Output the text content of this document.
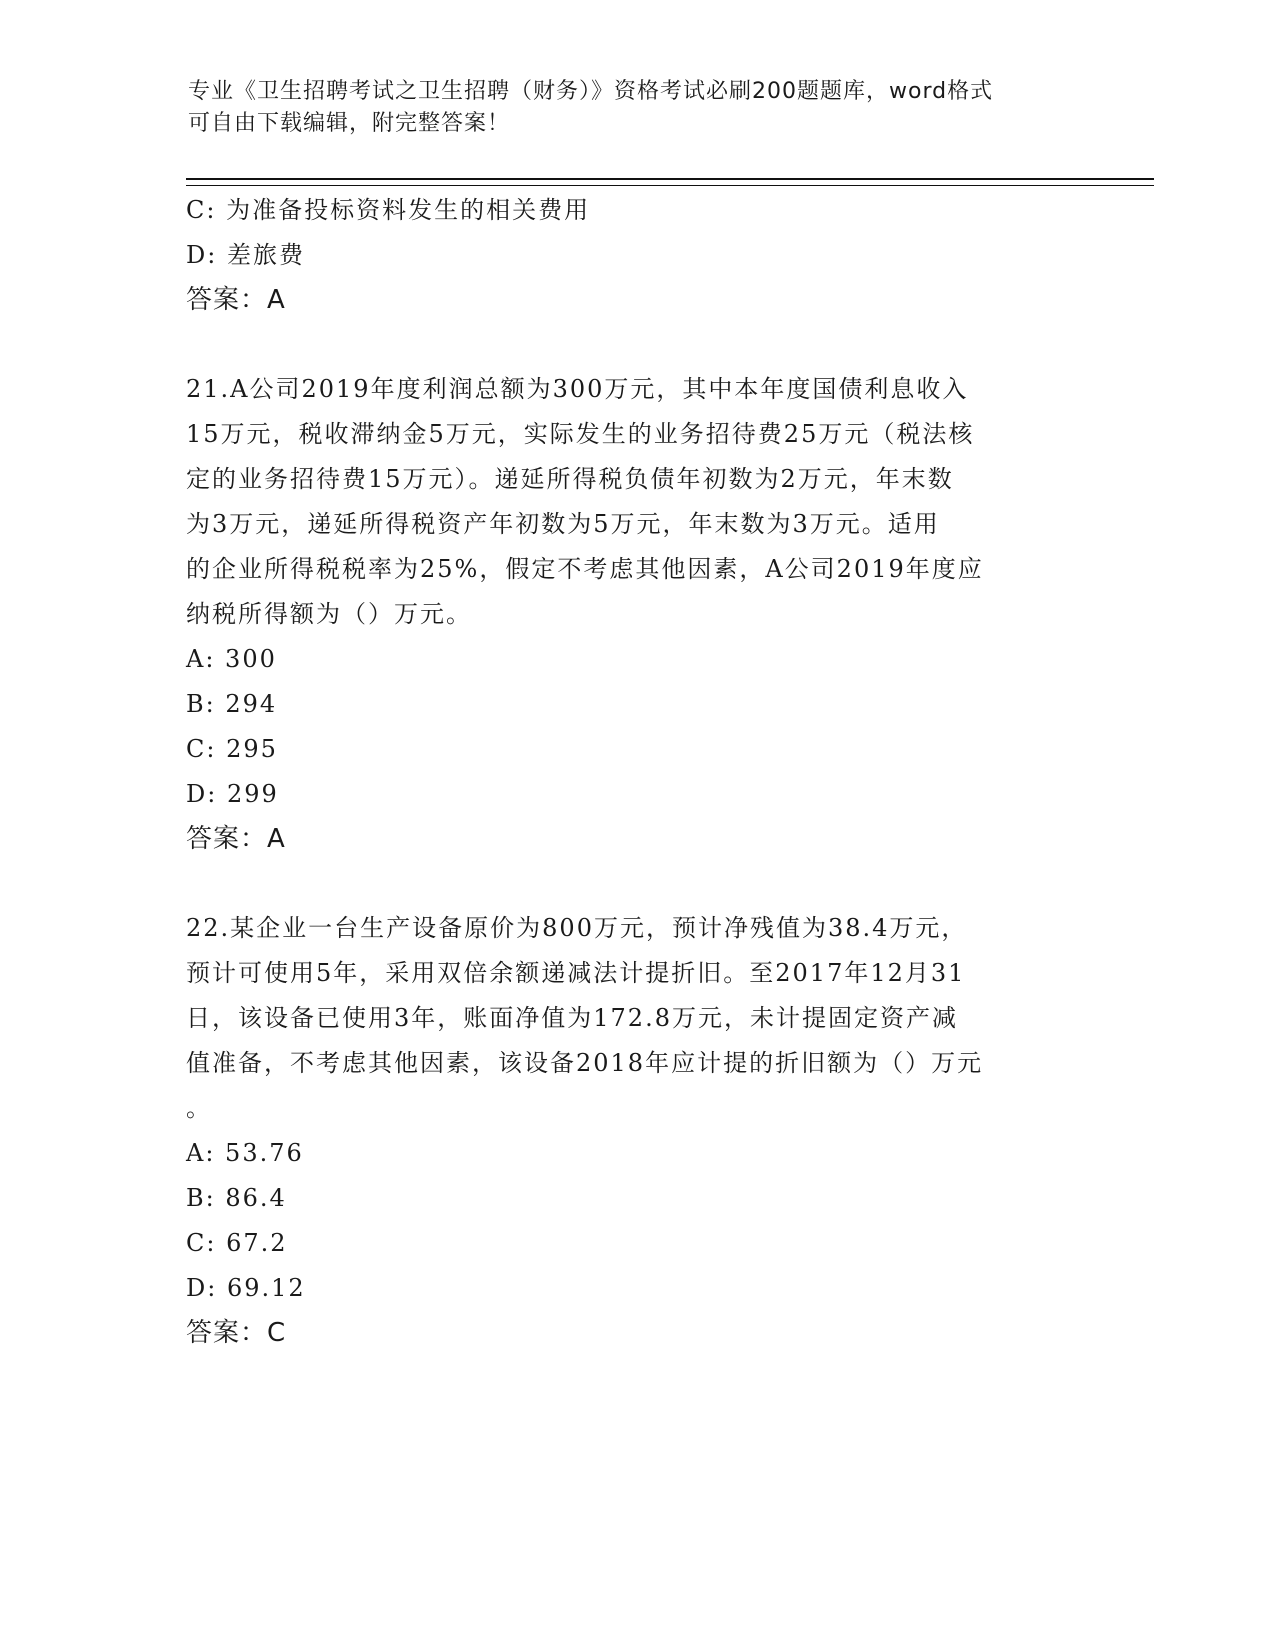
专业《卫生招聘考试之卫生招聘（财务）》资格考试必刷200题题库，word格式
可自由下载编辑，附完整答案！
C: 为准备投标资料发生的相关费用
D: 差旅费
答案：A
21.A公司2019年度利润总额为300万元，其中本年度国债利息收入
15万元，税收滞纳金5万元，实际发生的业务招待费25万元（税法核
定的业务招待费15万元）。递延所得税负债年初数为2万元，年末数
为3万元，递延所得税资产年初数为5万元，年末数为3万元。适用
的企业所得税税率为25%，假定不考虑其他因素，A公司2019年度应
纳税所得额为（）万元。
A: 300
B: 294
C: 295
D: 299
答案：A
22.某企业一台生产设备原价为800万元，预计净残值为38.4万元，
预计可使用5年，采用双倍余额递减法计提折旧。至2017年12月31
日，该设备已使用3年，账面净值为172.8万元，未计提固定资产减
值准备，不考虑其他因素，该设备2018年应计提的折旧额为（）万元
。
A: 53.76
B: 86.4
C: 67.2
D: 69.12
答案：C
